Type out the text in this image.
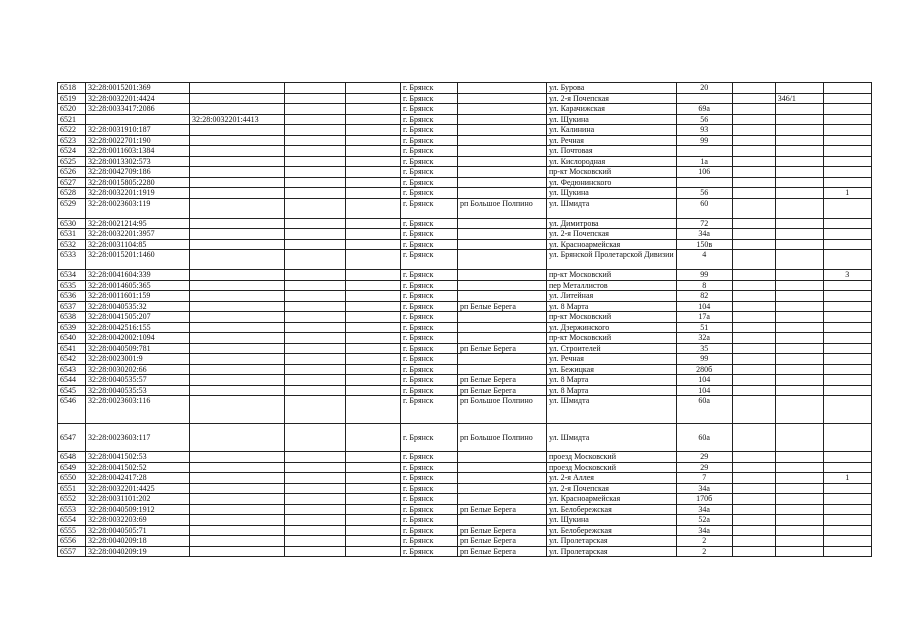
6518	32:28:0015201:369				г. Брянск		ул. Бурова	20			
6519	32:28:0032201:4424				г. Брянск		ул. 2-я Почепская			346/1	
6520	32:28:0033417:2086				г. Брянск		ул. Карачижская	69а			
6521		32:28:0032201:4413			г. Брянск		ул. Щукина	56			
6522	32:28:0031910:187				г. Брянск		ул. Калинина	93			
6523	32:28:0022701:190				г. Брянск		ул. Речная	99			
6524	32:28:0011603:1384				г. Брянск		ул. Почтовая				
6525	32:28:0013302:573				г. Брянск		ул. Кислородная	1а			
6526	32:28:0042709:186				г. Брянск		пр-кт Московский	106			
6527	32:28:0015805:2280				г. Брянск		ул. Федюнинского				
6528	32:28:0032201:1919				г. Брянск		ул. Щукина	56			1
6529	32:28:0023603:119				г. Брянск	рп Большое Полпино	ул. Шмидта	60			
6530	32:28:0021214:95				г. Брянск		ул. Димитрова	72			
6531	32:28:0032201:3957				г. Брянск		ул. 2-я Почепская	34а			
6532	32:28:0031104:85				г. Брянск		ул. Красноармейская	150в			
6533	32:28:0015201:1460				г. Брянск		ул. Брянской Пролетарской Дивизии	4			
6534	32:28:0041604:339				г. Брянск		пр-кт Московский	99			3
6535	32:28:0014605:365				г. Брянск		пер Металлистов	8			
6536	32:28:0011601:159				г. Брянск		ул. Литейная	82			
6537	32:28:0040535:32				г. Брянск	рп Белые Берега	ул. 8 Марта	104			
6538	32:28:0041505:207				г. Брянск		пр-кт Московский	17а			
6539	32:28:0042516:155				г. Брянск		ул. Дзержинского	51			
6540	32:28:0042002:1094				г. Брянск		пр-кт Московский	32а			
6541	32:28:0040509:781				г. Брянск	рп Белые Берега	ул. Строителей	35			
6542	32:28:0023001:9				г. Брянск		ул. Речная	99			
6543	32:28:0030202:66				г. Брянск		ул. Бежицкая	280б			
6544	32:28:0040535:57				г. Брянск	рп Белые Берега	ул. 8 Марта	104			
6545	32:28:0040535:53				г. Брянск	рп Белые Берега	ул. 8 Марта	104			
6546	32:28:0023603:116				г. Брянск	рп Большое Полпино	ул. Шмидта	60а			
6547	32:28:0023603:117				г. Брянск	рп Большое Полпино	ул. Шмидта	60а			
6548	32:28:0041502:53				г. Брянск		проезд Московский	29			
6549	32:28:0041502:52				г. Брянск		проезд Московский	29			
6550	32:28:0042417:28				г. Брянск		ул. 2-я Аллея	7			1
6551	32:28:0032201:4425				г. Брянск		ул. 2-я Почепская	34а			
6552	32:28:0031101:202				г. Брянск		ул. Красноармейская	170б			
6553	32:28:0040509:1912				г. Брянск	рп Белые Берега	ул. Белобережская	34а			
6554	32:28:0032203:69				г. Брянск		ул. Щукина	52а			
6555	32:28:0040505:71				г. Брянск	рп Белые Берега	ул. Белобережская	34а			
6556	32:28:0040209:18				г. Брянск	рп Белые Берега	ул. Пролетарская	2			
6557	32:28:0040209:19				г. Брянск	рп Белые Берега	ул. Пролетарская	2			
